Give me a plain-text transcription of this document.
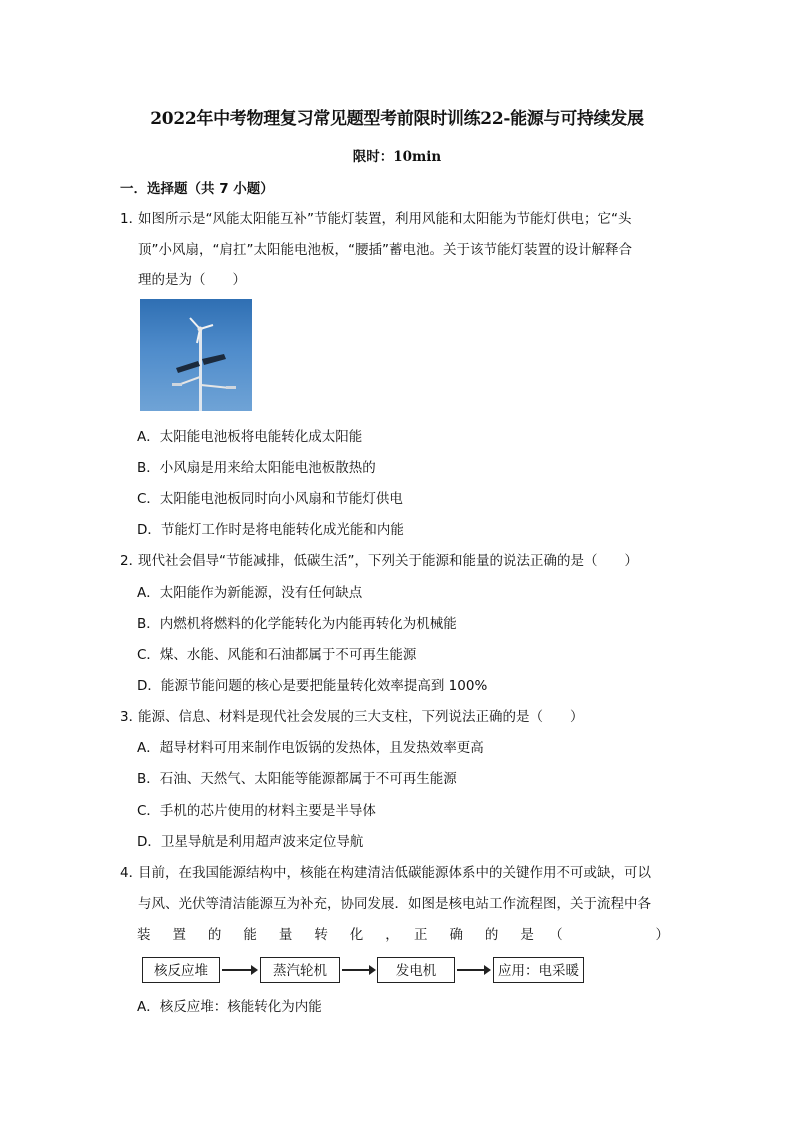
2022年中考物理复习常见题型考前限时训练22-能源与可持续发展
限时：10min
一．选择题（共 7 小题）
1．
如图所示是“风能太阳能互补”节能灯装置，利用风能和太阳能为节能灯供电；它“头
顶”小风扇，“肩扛”太阳能电池板，“腰插”蓄电池。关于该节能灯装置的设计解释合
理的是为（　　）
A．太阳能电池板将电能转化成太阳能
B．小风扇是用来给太阳能电池板散热的
C．太阳能电池板同时向小风扇和节能灯供电
D．节能灯工作时是将电能转化成光能和内能
2．
现代社会倡导“节能减排，低碳生活”，下列关于能源和能量的说法正确的是（　　）
A．太阳能作为新能源，没有任何缺点
B．内燃机将燃料的化学能转化为内能再转化为机械能
C．煤、水能、风能和石油都属于不可再生能源
D．能源节能问题的核心是要把能量转化效率提高到 100%
3．
能源、信息、材料是现代社会发展的三大支柱，下列说法正确的是（　　）
A．超导材料可用来制作电饭锅的发热体，且发热效率更高
B．石油、天然气、太阳能等能源都属于不可再生能源
C．手机的芯片使用的材料主要是半导体
D．卫星导航是利用超声波来定位导航
4．
目前，在我国能源结构中，核能在构建清洁低碳能源体系中的关键作用不可或缺，可以
与风、光伏等清洁能源互为补充，协同发展．如图是核电站工作流程图，关于流程中各
装　置　的　能　量　转　化　，　正　确　的　是　（　　　　　）
核反应堆	蒸汽轮机	发电机	应用：电采暖
A．核反应堆：核能转化为内能
